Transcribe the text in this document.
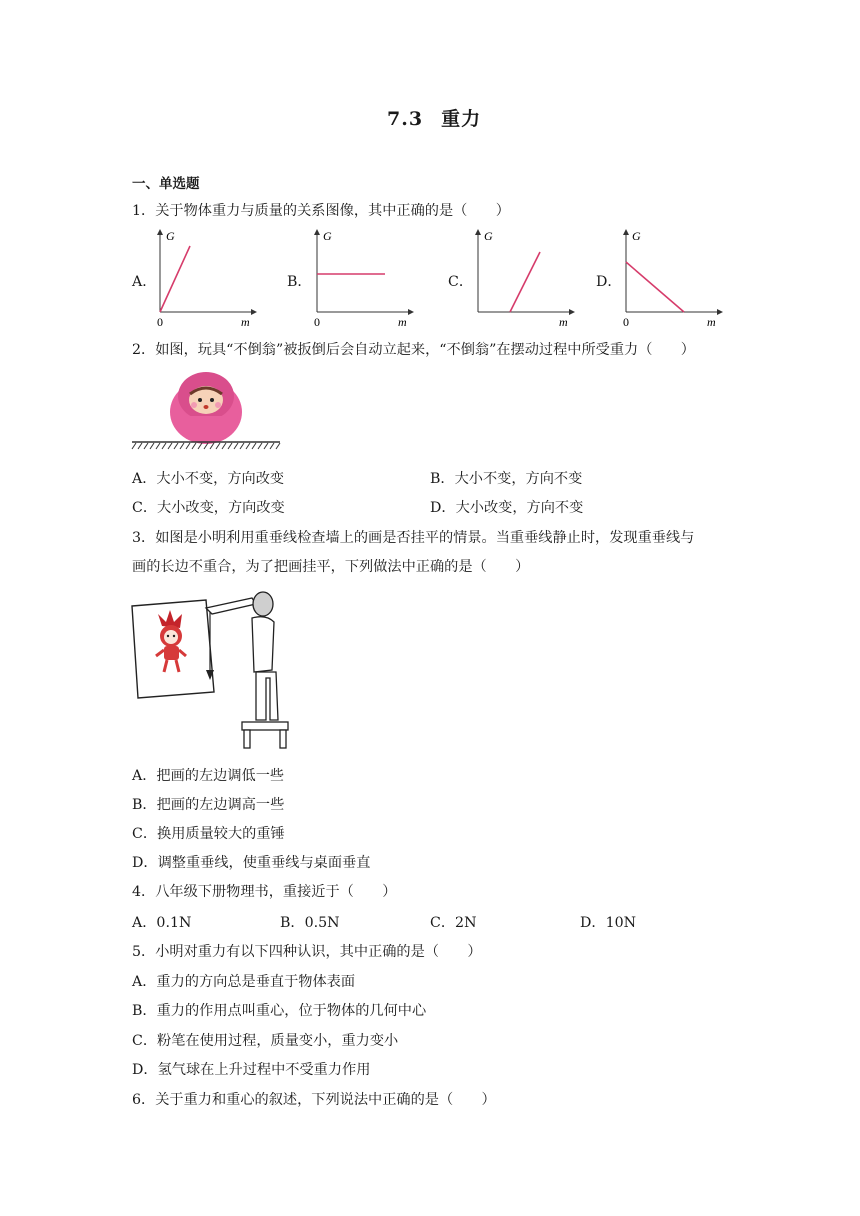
7.3 重力
一、单选题
1．关于物体重力与质量的关系图像，其中正确的是（　　）
A．	B．	C．	D．
G
0	m
G
0	m
G
m
G
0	m
2．如图，玩具“不倒翁”被扳倒后会自动立起来，“不倒翁”在摆动过程中所受重力（　　）
A．大小不变，方向改变	B．大小不变，方向不变
C．大小改变，方向改变	D．大小改变，方向不变
3．如图是小明利用重垂线检查墙上的画是否挂平的情景。当重垂线静止时，发现重垂线与
画的长边不重合，为了把画挂平，下列做法中正确的是（　　）
A．把画的左边调低一些
B．把画的左边调高一些
C．换用质量较大的重锤
D．调整重垂线，使重垂线与桌面垂直
4．八年级下册物理书，重接近于（　　）
A．0.1N	B．0.5N	C．2N	D．10N
5．小明对重力有以下四种认识，其中正确的是（　　）
A．重力的方向总是垂直于物体表面
B．重力的作用点叫重心，位于物体的几何中心
C．粉笔在使用过程，质量变小，重力变小
D．氢气球在上升过程中不受重力作用
6．关于重力和重心的叙述，下列说法中正确的是（　　）
